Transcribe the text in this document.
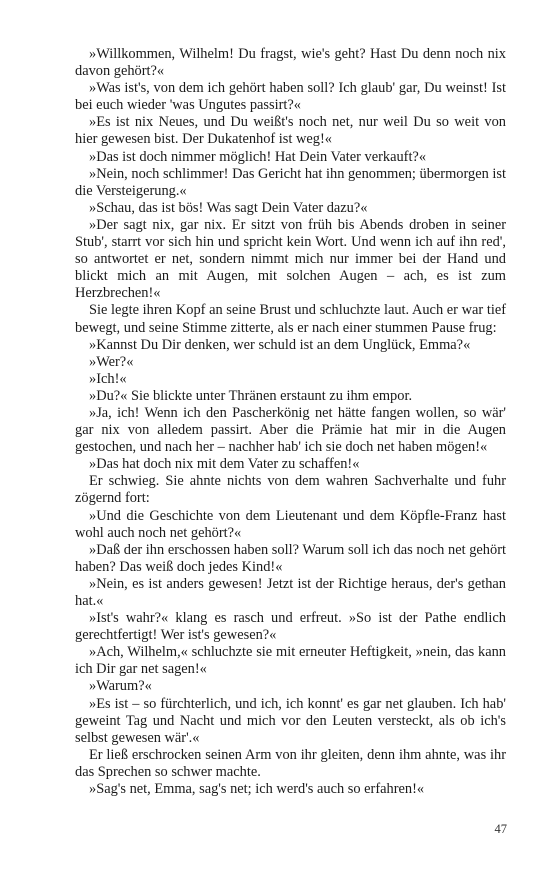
»Willkommen, Wilhelm! Du fragst, wie's geht? Hast Du denn noch nix davon gehört?«

»Was ist's, von dem ich gehört haben soll? Ich glaub' gar, Du weinst! Ist bei euch wieder 'was Ungutes passirt?«

»Es ist nix Neues, und Du weißt's noch net, nur weil Du so weit von hier gewesen bist. Der Dukatenhof ist weg!«

»Das ist doch nimmer möglich! Hat Dein Vater verkauft?«

»Nein, noch schlimmer! Das Gericht hat ihn genommen; übermorgen ist die Versteigerung.«

»Schau, das ist bös! Was sagt Dein Vater dazu?«

»Der sagt nix, gar nix. Er sitzt von früh bis Abends droben in seiner Stub', starrt vor sich hin und spricht kein Wort. Und wenn ich auf ihn red', so antwortet er net, sondern nimmt mich nur immer bei der Hand und blickt mich an mit Augen, mit solchen Augen – ach, es ist zum Herzbrechen!«

Sie legte ihren Kopf an seine Brust und schluchzte laut. Auch er war tief bewegt, und seine Stimme zitterte, als er nach einer stummen Pause frug:

»Kannst Du Dir denken, wer schuld ist an dem Unglück, Emma?«

»Wer?«

»Ich!«

»Du?« Sie blickte unter Thränen erstaunt zu ihm empor.

»Ja, ich! Wenn ich den Pascherkönig net hätte fangen wollen, so wär' gar nix von alledem passirt. Aber die Prämie hat mir in die Augen gestochen, und nach her – nachher hab' ich sie doch net haben mögen!«

»Das hat doch nix mit dem Vater zu schaffen!«

Er schwieg. Sie ahnte nichts von dem wahren Sachverhalte und fuhr zögernd fort:

»Und die Geschichte von dem Lieutenant und dem Köpfle-Franz hast wohl auch noch net gehört?«

»Daß der ihn erschossen haben soll? Warum soll ich das noch net gehört haben? Das weiß doch jedes Kind!«

»Nein, es ist anders gewesen! Jetzt ist der Richtige heraus, der's gethan hat.«

»Ist's wahr?« klang es rasch und erfreut. »So ist der Pathe endlich gerechtfertigt! Wer ist's gewesen?«

»Ach, Wilhelm,« schluchzte sie mit erneuter Heftigkeit, »nein, das kann ich Dir gar net sagen!«

»Warum?«

»Es ist – so fürchterlich, und ich, ich konnt' es gar net glauben. Ich hab' geweint Tag und Nacht und mich vor den Leuten versteckt, als ob ich's selbst gewesen wär'.«

Er ließ erschrocken seinen Arm von ihr gleiten, denn ihm ahnte, was ihr das Sprechen so schwer machte.

»Sag's net, Emma, sag's net; ich werd's auch so erfahren!«

47
